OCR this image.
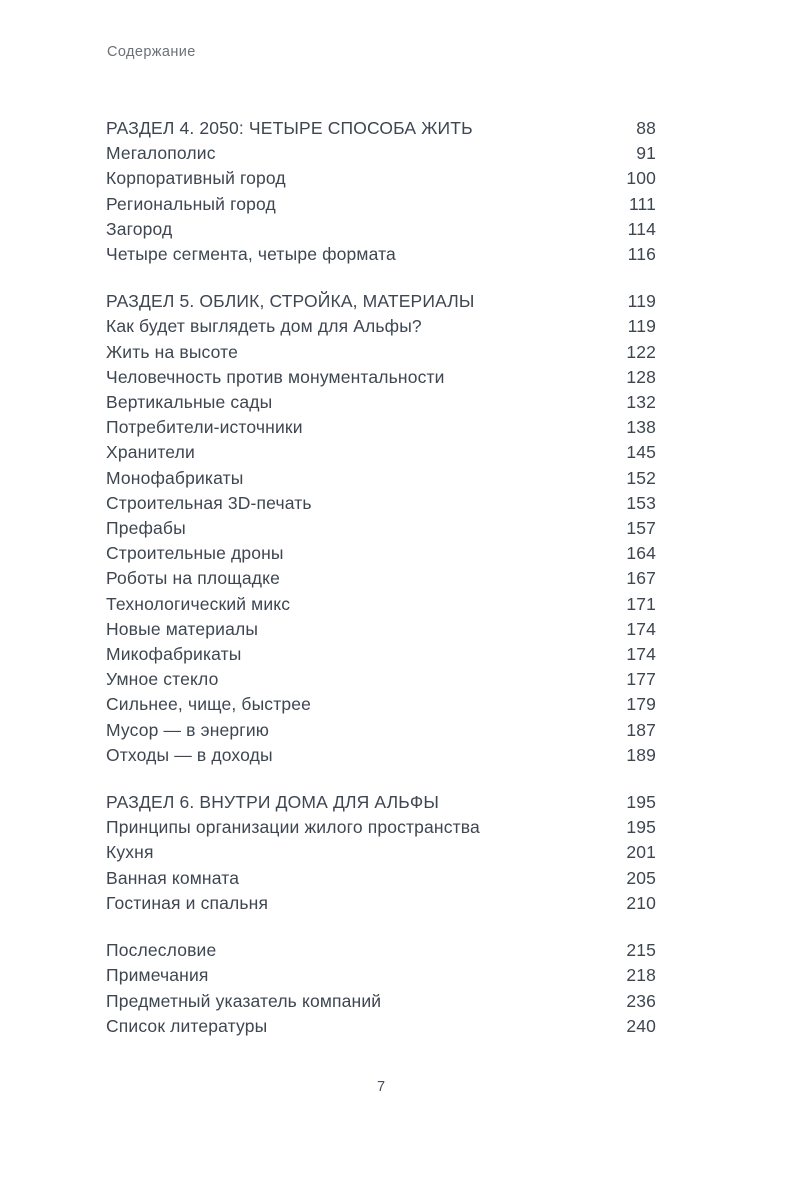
Содержание
РАЗДЕЛ 4. 2050: ЧЕТЫРЕ СПОСОБА ЖИТЬ	88
Мегалополис	91
Корпоративный город	100
Региональный город	111
Загород	114
Четыре сегмента, четыре формата	116
РАЗДЕЛ 5. ОБЛИК, СТРОЙКА, МАТЕРИАЛЫ	119
Как будет выглядеть дом для Альфы?	119
Жить на высоте	122
Человечность против монументальности	128
Вертикальные сады	132
Потребители-источники	138
Хранители	145
Монофабрикаты	152
Строительная 3D-печать	153
Префабы	157
Строительные дроны	164
Роботы на площадке	167
Технологический микс	171
Новые материалы	174
Микофабрикаты	174
Умное стекло	177
Сильнее, чище, быстрее	179
Мусор — в энергию	187
Отходы — в доходы	189
РАЗДЕЛ 6. ВНУТРИ ДОМА ДЛЯ АЛЬФЫ	195
Принципы организации жилого пространства	195
Кухня	201
Ванная комната	205
Гостиная и спальня	210
Послесловие	215
Примечания	218
Предметный указатель компаний	236
Список литературы	240
7
